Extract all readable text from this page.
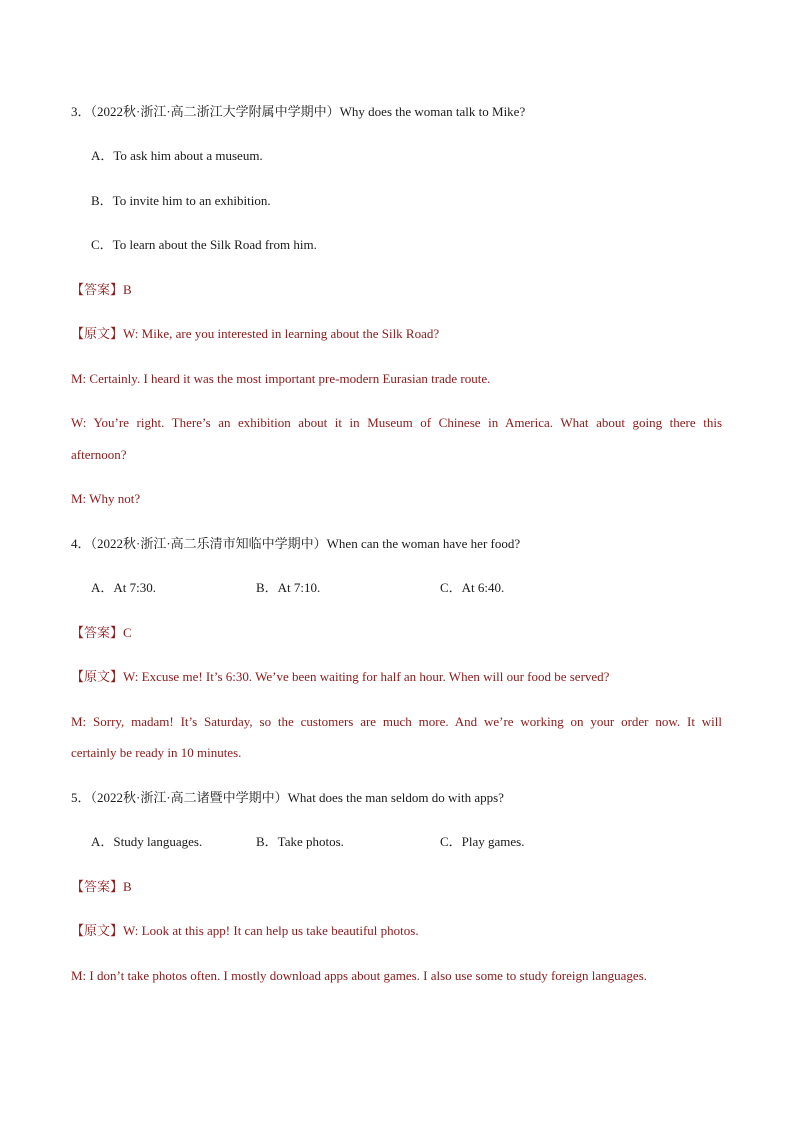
3．（2022秋·浙江·高二浙江大学附属中学期中）Why does the woman talk to Mike?
A．To ask him about a museum.
B．To invite him to an exhibition.
C．To learn about the Silk Road from him.
【答案】B
【原文】W: Mike, are you interested in learning about the Silk Road?
M: Certainly. I heard it was the most important pre-modern Eurasian trade route.
W: You’re right. There’s an exhibition about it in Museum of Chinese in America. What about going there this
afternoon?
M: Why not?
4．（2022秋·浙江·高二乐清市知临中学期中）When can the woman have her food?
A．At 7:30.	B．At 7:10.	C．At 6:40.
【答案】C
【原文】W: Excuse me! It’s 6:30. We’ve been waiting for half an hour. When will our food be served?
M: Sorry, madam! It’s Saturday, so the customers are much more. And we’re working on your order now. It will
certainly be ready in 10 minutes.
5．（2022秋·浙江·高二诸暨中学期中）What does the man seldom do with apps?
A．Study languages.	B．Take photos.	C．Play games.
【答案】B
【原文】W: Look at this app! It can help us take beautiful photos.
M: I don’t take photos often. I mostly download apps about games. I also use some to study foreign languages.
